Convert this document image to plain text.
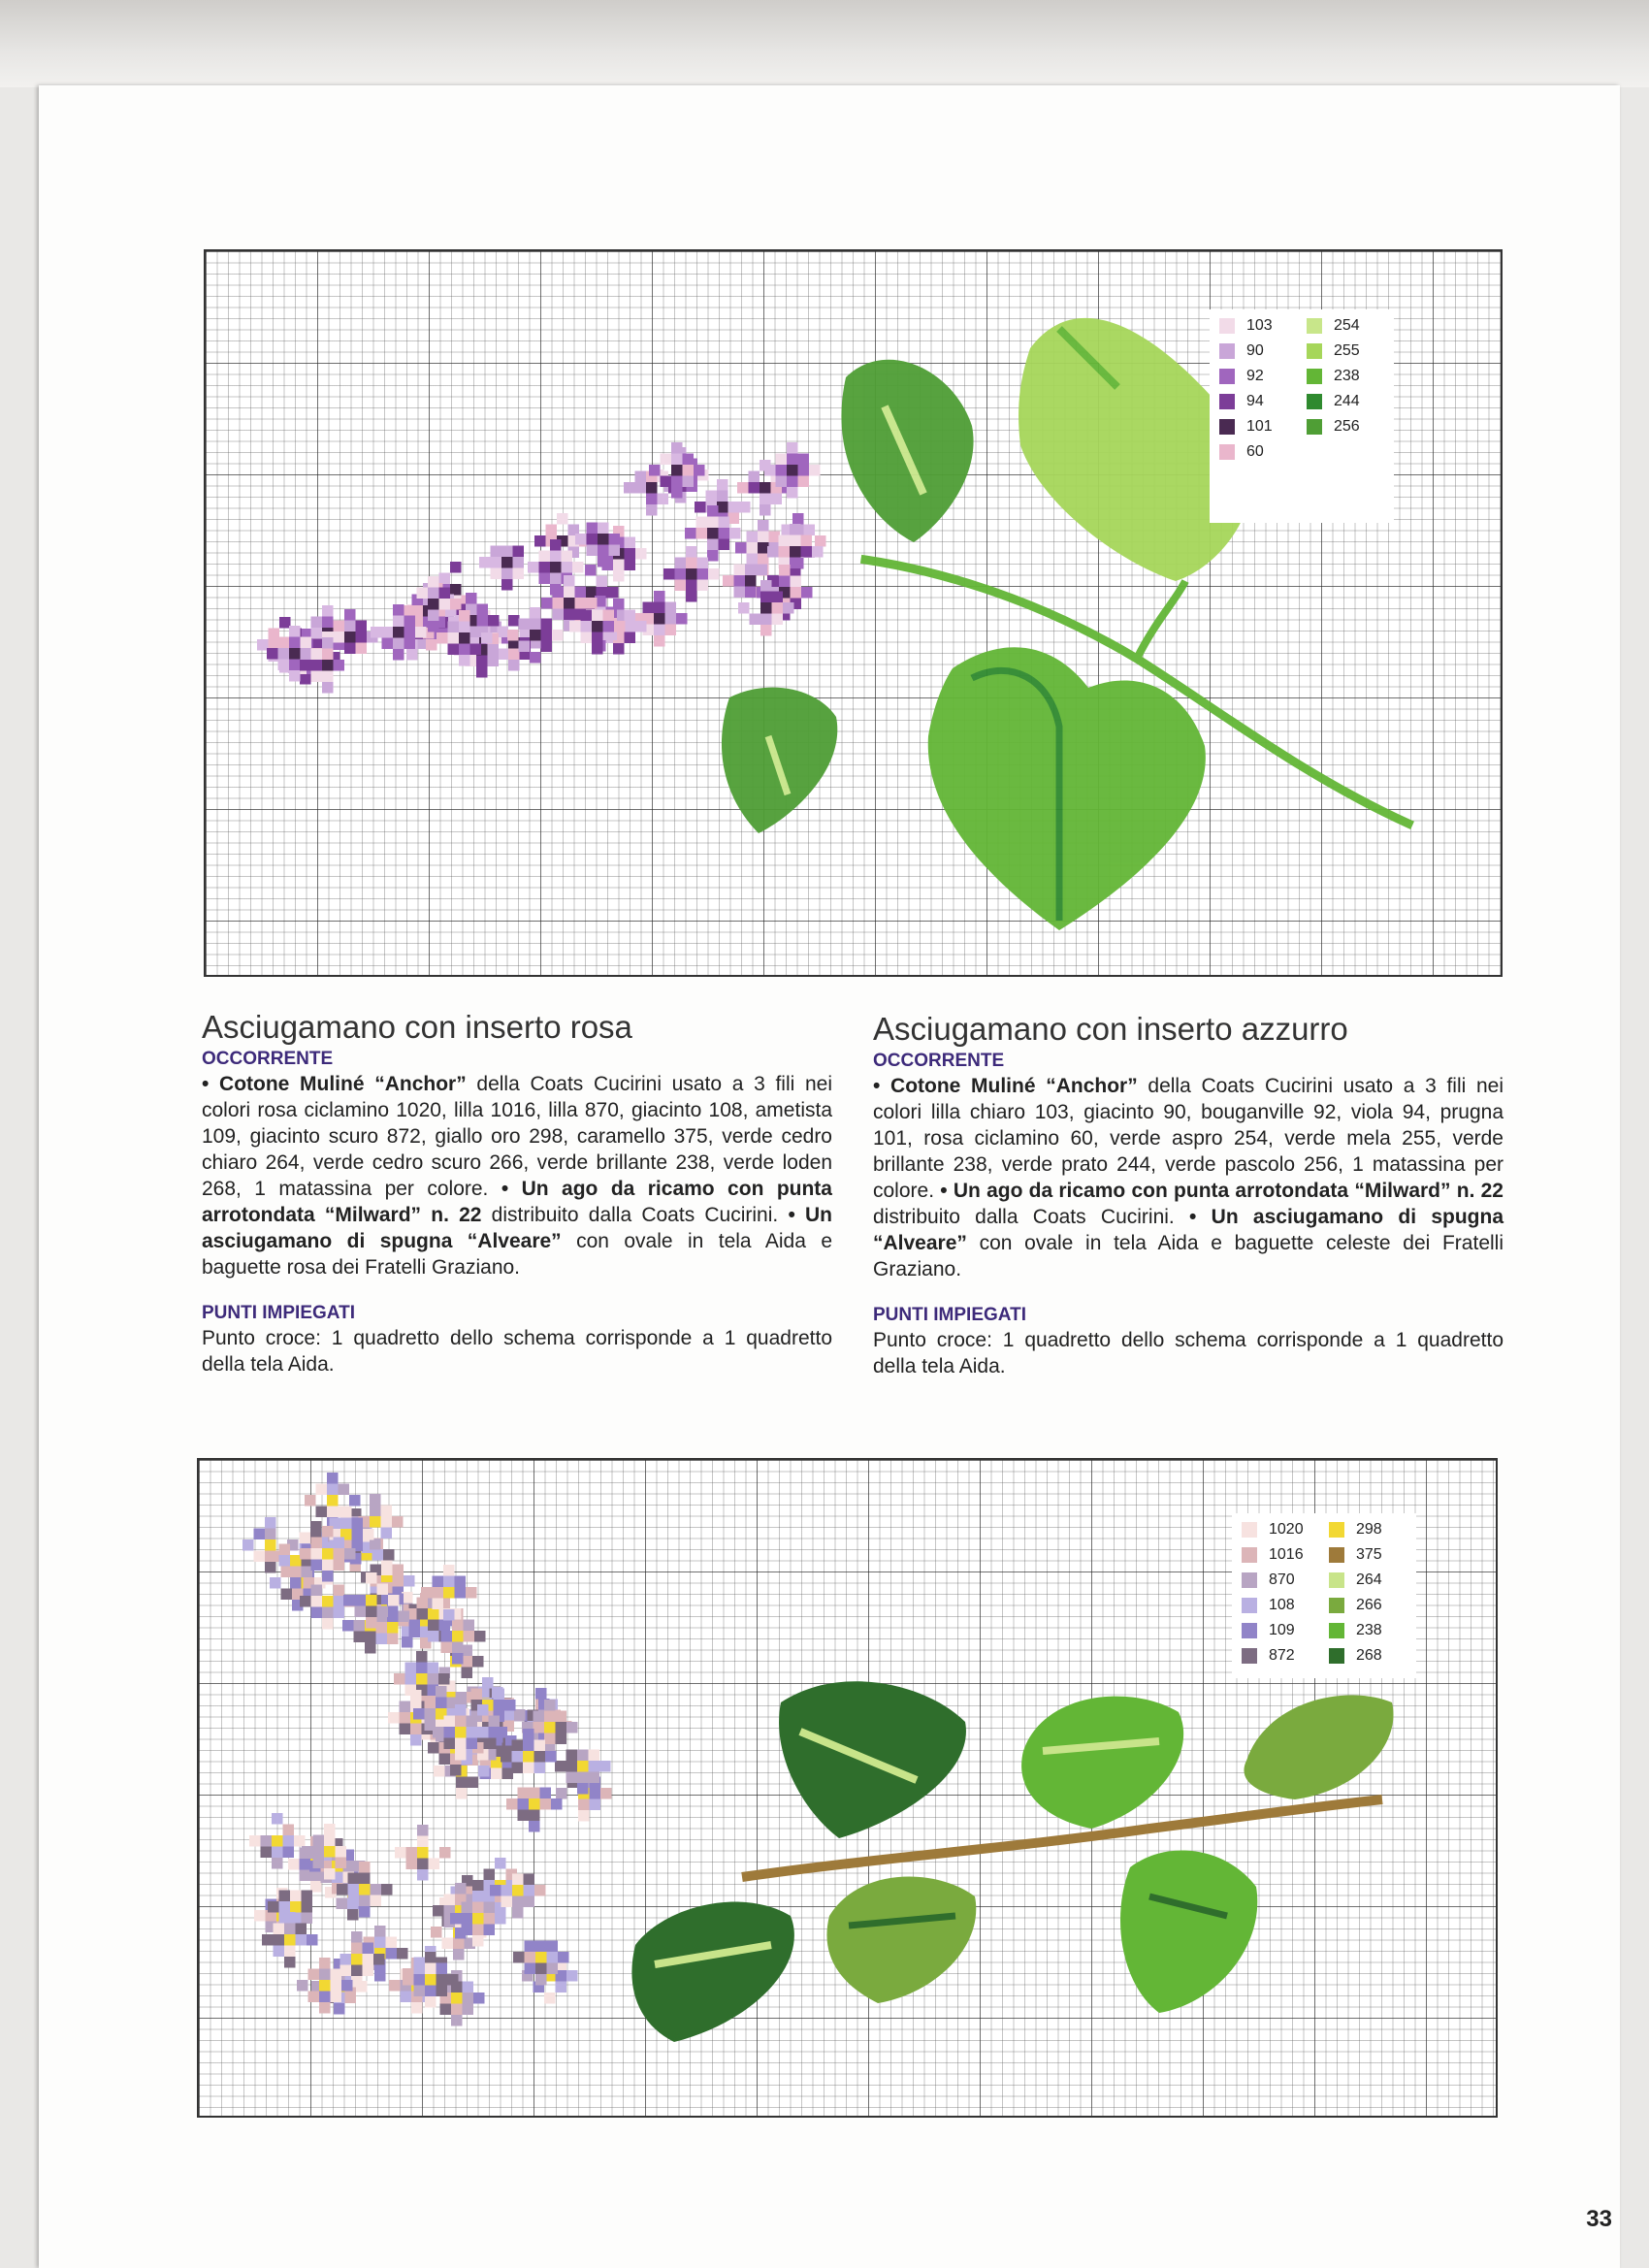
103
90
92
94
101
60
254
255
238
244
256
Asciugamano con inserto rosa
OCCORRENTE

• Cotone Muliné “Anchor” della Coats Cucirini usato a 3 fili nei colori rosa ciclamino 1020, lilla 1016, lilla 870, giacinto 108, ametista 109, giacinto scuro 872, giallo oro 298, caramello 375, verde cedro chiaro 264, verde cedro scuro 266, verde brillante 238, verde loden 268, 1 matassina per colore. • Un ago da ricamo con punta arrotondata “Milward” n. 22 distribuito dalla Coats Cucirini. • Un asciugamano di spugna “Alveare” con ovale in tela Aida e baguette rosa dei Fratelli Graziano.

PUNTI IMPIEGATI

Punto croce: 1 quadretto dello schema corrisponde a 1 quadretto della tela Aida.

Asciugamano con inserto azzurro
OCCORRENTE

• Cotone Muliné “Anchor” della Coats Cucirini usato a 3 fili nei colori lilla chiaro 103, giacinto 90, bouganville 92, viola 94, prugna 101, rosa ciclamino 60, verde aspro 254, verde mela 255, verde brillante 238, verde prato 244, verde pascolo 256, 1 matassina per colore. • Un ago da ricamo con punta arrotondata “Milward” n. 22 distribuito dalla Coats Cucirini. • Un asciugamano di spugna “Alveare” con ovale in tela Aida e baguette celeste dei Fratelli Graziano.

PUNTI IMPIEGATI

Punto croce: 1 quadretto dello schema corrisponde a 1 quadretto della tela Aida.

1020
1016
870
108
109
872
298
375
264
266
238
268
33
